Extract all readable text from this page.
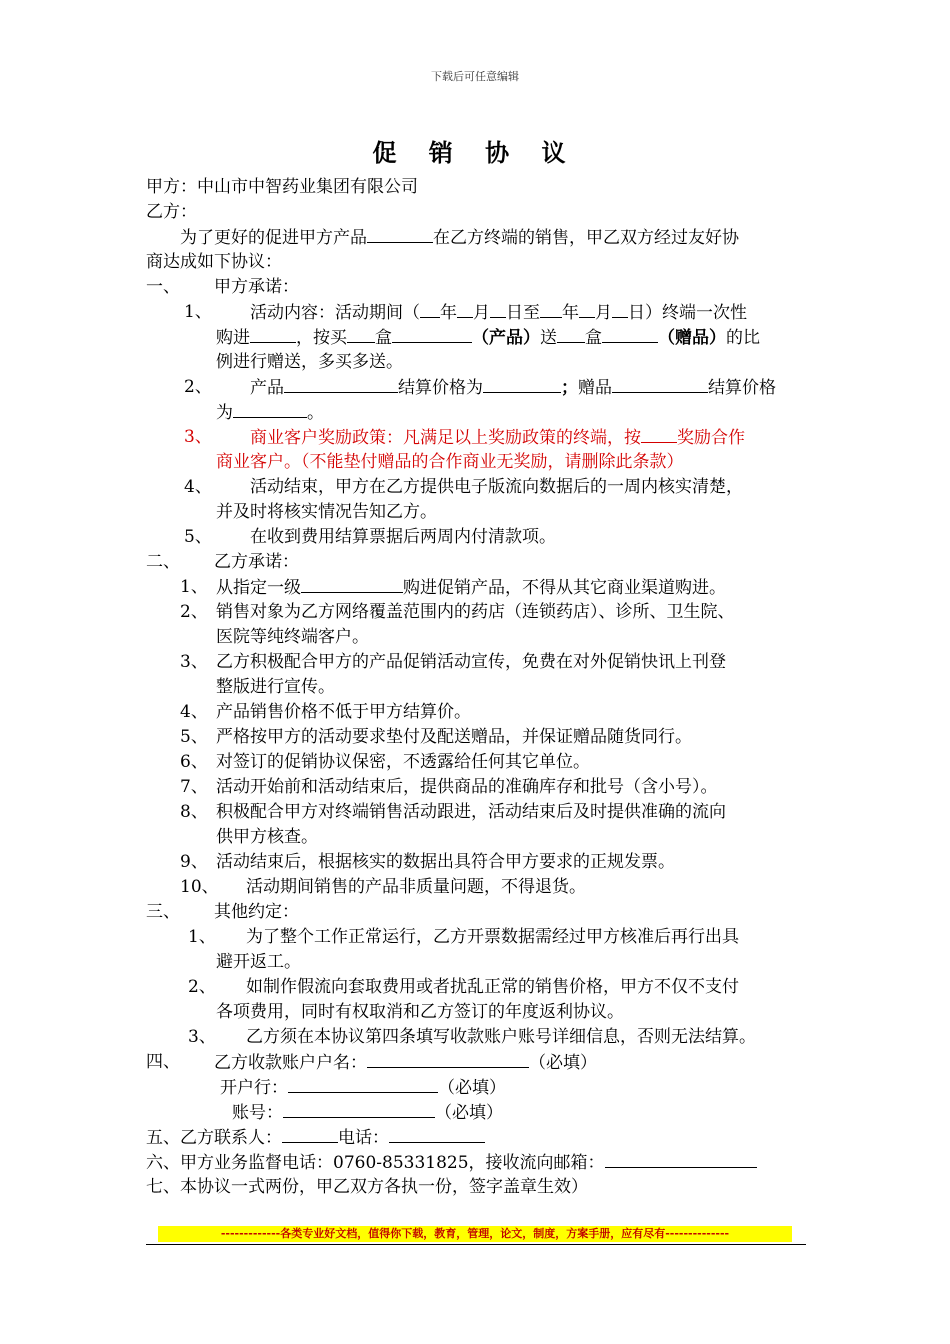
下载后可任意编辑
促 销 协 议
甲方：中山市中智药业集团有限公司
乙方：
为了更好的促进甲方产品	在乙方终端的销售，甲乙双方经过友好协
商达成如下协议：
一、 甲方承诺：
1、 活动内容：活动期间（ 年 月 日至 年 月 日）终端一次性
购进	，按买 盒	（产品）送 盒	（赠品）的比
例进行赠送，多买多送。
2、 产品	结算价格为	；赠品	结算价格
为	。
3、 商业客户奖励政策：凡满足以上奖励政策的终端，按 奖励合作
商业客户。（不能垫付赠品的合作商业无奖励，请删除此条款）
4、 活动结束，甲方在乙方提供电子版流向数据后的一周内核实清楚，
并及时将核实情况告知乙方。
5、 在收到费用结算票据后两周内付清款项。
二、 乙方承诺：
1、 从指定一级	购进促销产品，不得从其它商业渠道购进。
2、 销售对象为乙方网络覆盖范围内的药店（连锁药店）、诊所、卫生院、
医院等纯终端客户。
3、 乙方积极配合甲方的产品促销活动宣传，免费在对外促销快讯上刊登
整版进行宣传。
4、 产品销售价格不低于甲方结算价。
5、 严格按甲方的活动要求垫付及配送赠品，并保证赠品随货同行。
6、 对签订的促销协议保密，不透露给任何其它单位。
7、 活动开始前和活动结束后，提供商品的准确库存和批号（含小号）。
8、 积极配合甲方对终端销售活动跟进，活动结束后及时提供准确的流向
供甲方核查。
9、 活动结束后，根据核实的数据出具符合甲方要求的正规发票。
10、 活动期间销售的产品非质量问题，不得退货。
三、 其他约定：
1、 为了整个工作正常运行，乙方开票数据需经过甲方核准后再行出具
避开返工。
2、 如制作假流向套取费用或者扰乱正常的销售价格，甲方不仅不支付
各项费用，同时有权取消和乙方签订的年度返利协议。
3、 乙方须在本协议第四条填写收款账户账号详细信息，否则无法结算。
四、 乙方收款账户户名：	（必填）
开户行：	（必填）
账号：	（必填）
五、乙方联系人：	电话：
六、甲方业务监督电话：0760-85331825，接收流向邮箱：
七、本协议一式两份，甲乙双方各执一份，签字盖章生效）
-------------各类专业好文档，值得你下载，教育，管理，论文，制度，方案手册，应有尽有--------------
